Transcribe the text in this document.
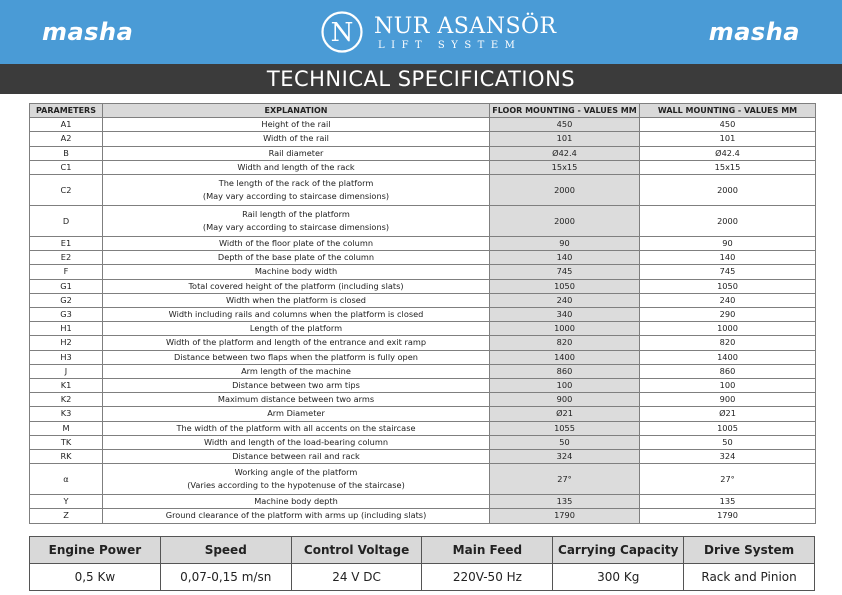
masha	masha
N NUR ASANSÖR
LIFT SYSTEM
TECHNICAL SPECIFICATIONS
PARAMETERS	EXPLANATION	FLOOR MOUNTING - VALUES MM	WALL MOUNTING - VALUES MM
A1	Height of the rail	450	450
A2	Width of the rail	101	101
B	Rail diameter	Ø42.4	Ø42.4
C1	Width and length of the rack	15x15	15x15
C2	The length of the rack of the platform
(May vary according to staircase dimensions)	2000	2000
D	Rail length of the platform
(May vary according to staircase dimensions)	2000	2000
E1	Width of the floor plate of the column	90	90
E2	Depth of the base plate of the column	140	140
F	Machine body width	745	745
G1	Total covered height of the platform (including slats)	1050	1050
G2	Width when the platform is closed	240	240
G3	Width including rails and columns when the platform is closed	340	290
H1	Length of the platform	1000	1000
H2	Width of the platform and length of the entrance and exit ramp	820	820
H3	Distance between two flaps when the platform is fully open	1400	1400
J	Arm length of the machine	860	860
K1	Distance between two arm tips	100	100
K2	Maximum distance between two arms	900	900
K3	Arm Diameter	Ø21	Ø21
M	The width of the platform with all accents on the staircase	1055	1005
TK	Width and length of the load-bearing column	50	50
RK	Distance between rail and rack	324	324
α	Working angle of the platform
(Varies according to the hypotenuse of the staircase)	27°	27°
Y	Machine body depth	135	135
Z	Ground clearance of the platform with arms up (including slats)	1790	1790
Engine Power	Speed	Control Voltage	Main Feed	Carrying Capacity	Drive System
0,5 Kw	0,07-0,15 m/sn	24 V DC	220V-50 Hz	300 Kg	Rack and Pinion
